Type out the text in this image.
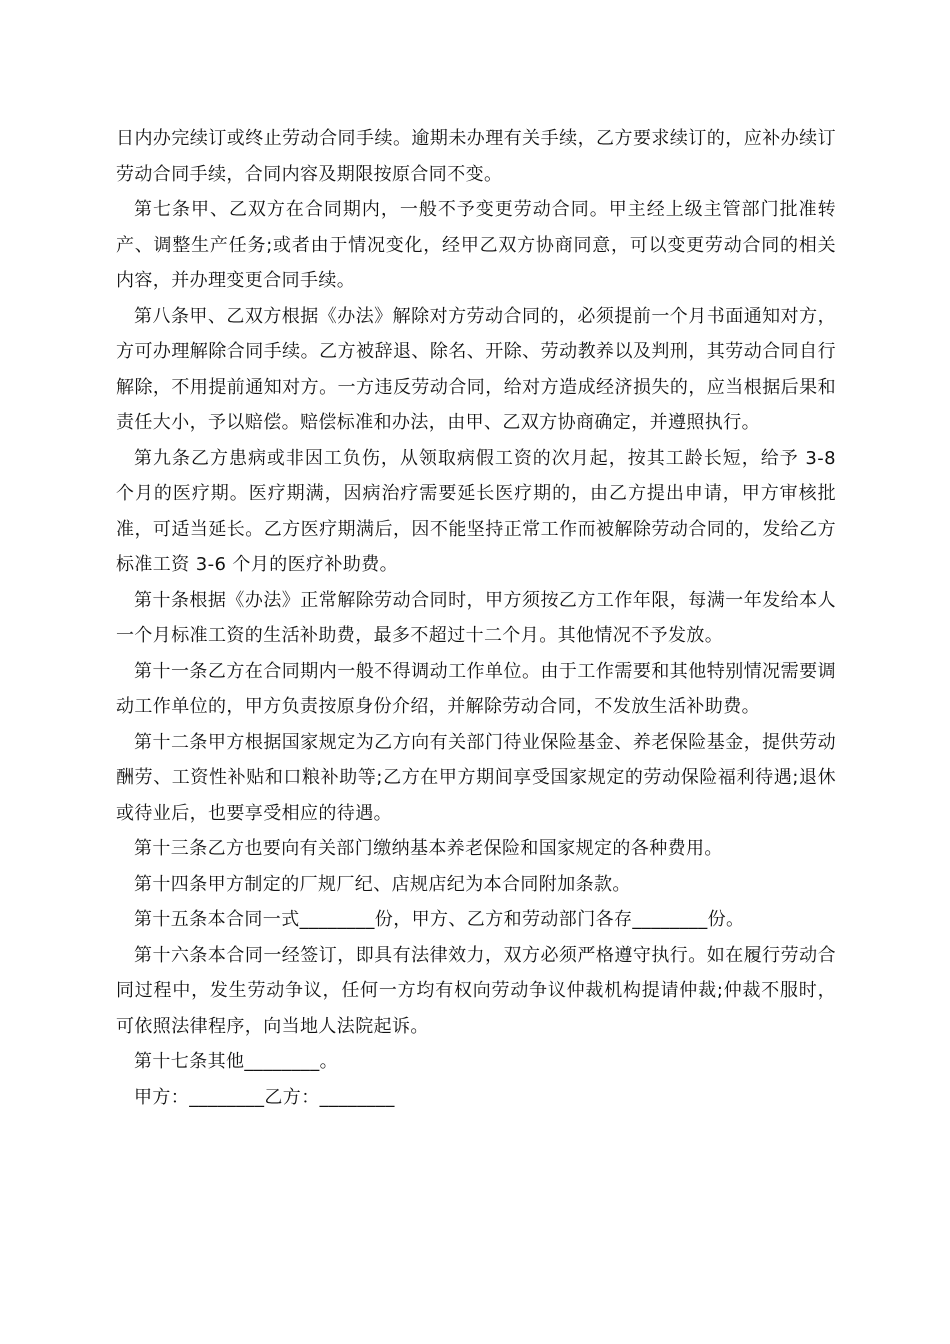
日内办完续订或终止劳动合同手续。逾期未办理有关手续，乙方要求续订的，应补办续订劳动合同手续，合同内容及期限按原合同不变。

第七条甲、乙双方在合同期内，一般不予变更劳动合同。甲主经上级主管部门批准转产、调整生产任务;或者由于情况变化，经甲乙双方协商同意，可以变更劳动合同的相关内容，并办理变更合同手续。

第八条甲、乙双方根据《办法》解除对方劳动合同的，必须提前一个月书面通知对方，方可办理解除合同手续。乙方被辞退、除名、开除、劳动教养以及判刑，其劳动合同自行解除，不用提前通知对方。一方违反劳动合同，给对方造成经济损失的，应当根据后果和责任大小，予以赔偿。赔偿标准和办法，由甲、乙双方协商确定，并遵照执行。

第九条乙方患病或非因工负伤，从领取病假工资的次月起，按其工龄长短，给予 3-8 个月的医疗期。医疗期满，因病治疗需要延长医疗期的，由乙方提出申请，甲方审核批准，可适当延长。乙方医疗期满后，因不能坚持正常工作而被解除劳动合同的，发给乙方标准工资 3-6 个月的医疗补助费。

第十条根据《办法》正常解除劳动合同时，甲方须按乙方工作年限，每满一年发给本人一个月标准工资的生活补助费，最多不超过十二个月。其他情况不予发放。

第十一条乙方在合同期内一般不得调动工作单位。由于工作需要和其他特别情况需要调动工作单位的，甲方负责按原身份介绍，并解除劳动合同，不发放生活补助费。

第十二条甲方根据国家规定为乙方向有关部门待业保险基金、养老保险基金，提供劳动酬劳、工资性补贴和口粮补助等;乙方在甲方期间享受国家规定的劳动保险福利待遇;退休或待业后，也要享受相应的待遇。

第十三条乙方也要向有关部门缴纳基本养老保险和国家规定的各种费用。

第十四条甲方制定的厂规厂纪、店规店纪为本合同附加条款。

第十五条本合同一式________份，甲方、乙方和劳动部门各存________份。

第十六条本合同一经签订，即具有法律效力，双方必须严格遵守执行。如在履行劳动合同过程中，发生劳动争议，任何一方均有权向劳动争议仲裁机构提请仲裁;仲裁不服时，可依照法律程序，向当地人法院起诉。

第十七条其他________。

甲方：________乙方：________
